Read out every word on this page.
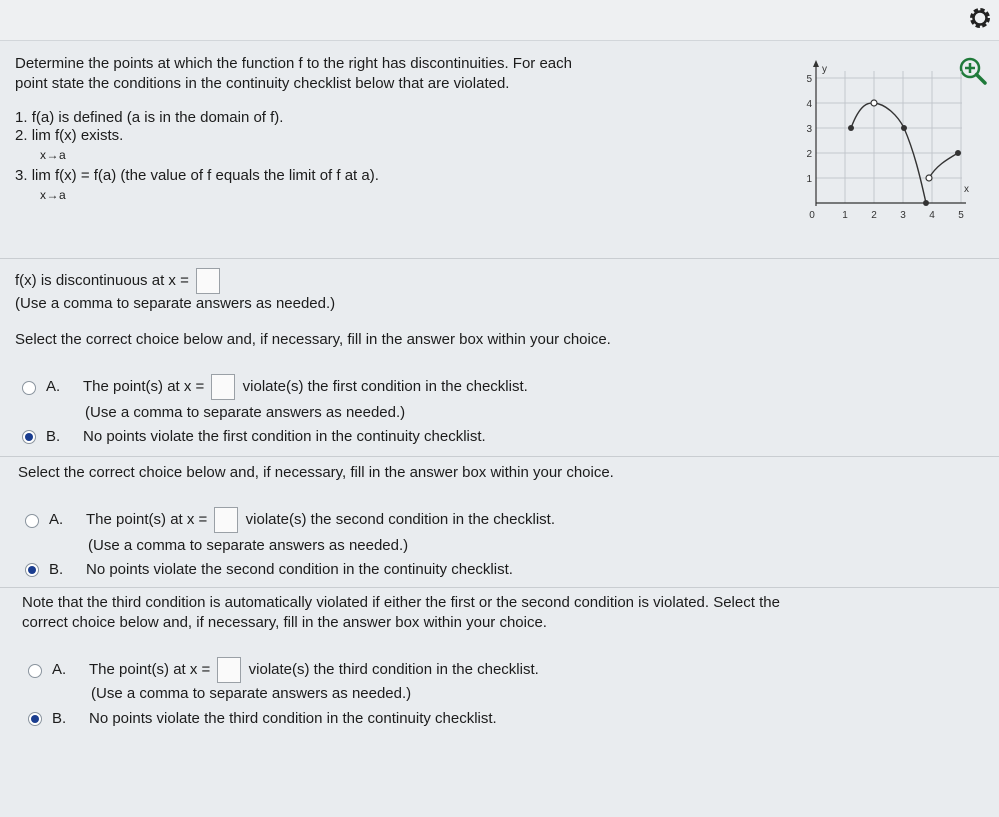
Determine the points at which the function f to the right has discontinuities. For each

point state the conditions in the continuity checklist below that are violated.

1. f(a) is defined (a is in the domain of f).
2. lim f(x) exists.
x→a
3. lim f(x) = f(a) (the value of f equals the limit of f at a).
x→a
y
x
1
2
3
4
5
0	1 2 3 4 5
f(x) is discontinuous at x =
(Use a comma to separate answers as needed.)
Select the correct choice below and, if necessary, fill in the answer box within your choice.
A. The point(s) at x =	violate(s) the first condition in the checklist.
(Use a comma to separate answers as needed.)
B. No points violate the first condition in the continuity checklist.
Select the correct choice below and, if necessary, fill in the answer box within your choice.
A. The point(s) at x =	violate(s) the second condition in the checklist.
(Use a comma to separate answers as needed.)
B. No points violate the second condition in the continuity checklist.
Note that the third condition is automatically violated if either the first or the second condition is violated. Select the
correct choice below and, if necessary, fill in the answer box within your choice.
A. The point(s) at x =	violate(s) the third condition in the checklist.
(Use a comma to separate answers as needed.)
B. No points violate the third condition in the continuity checklist.
